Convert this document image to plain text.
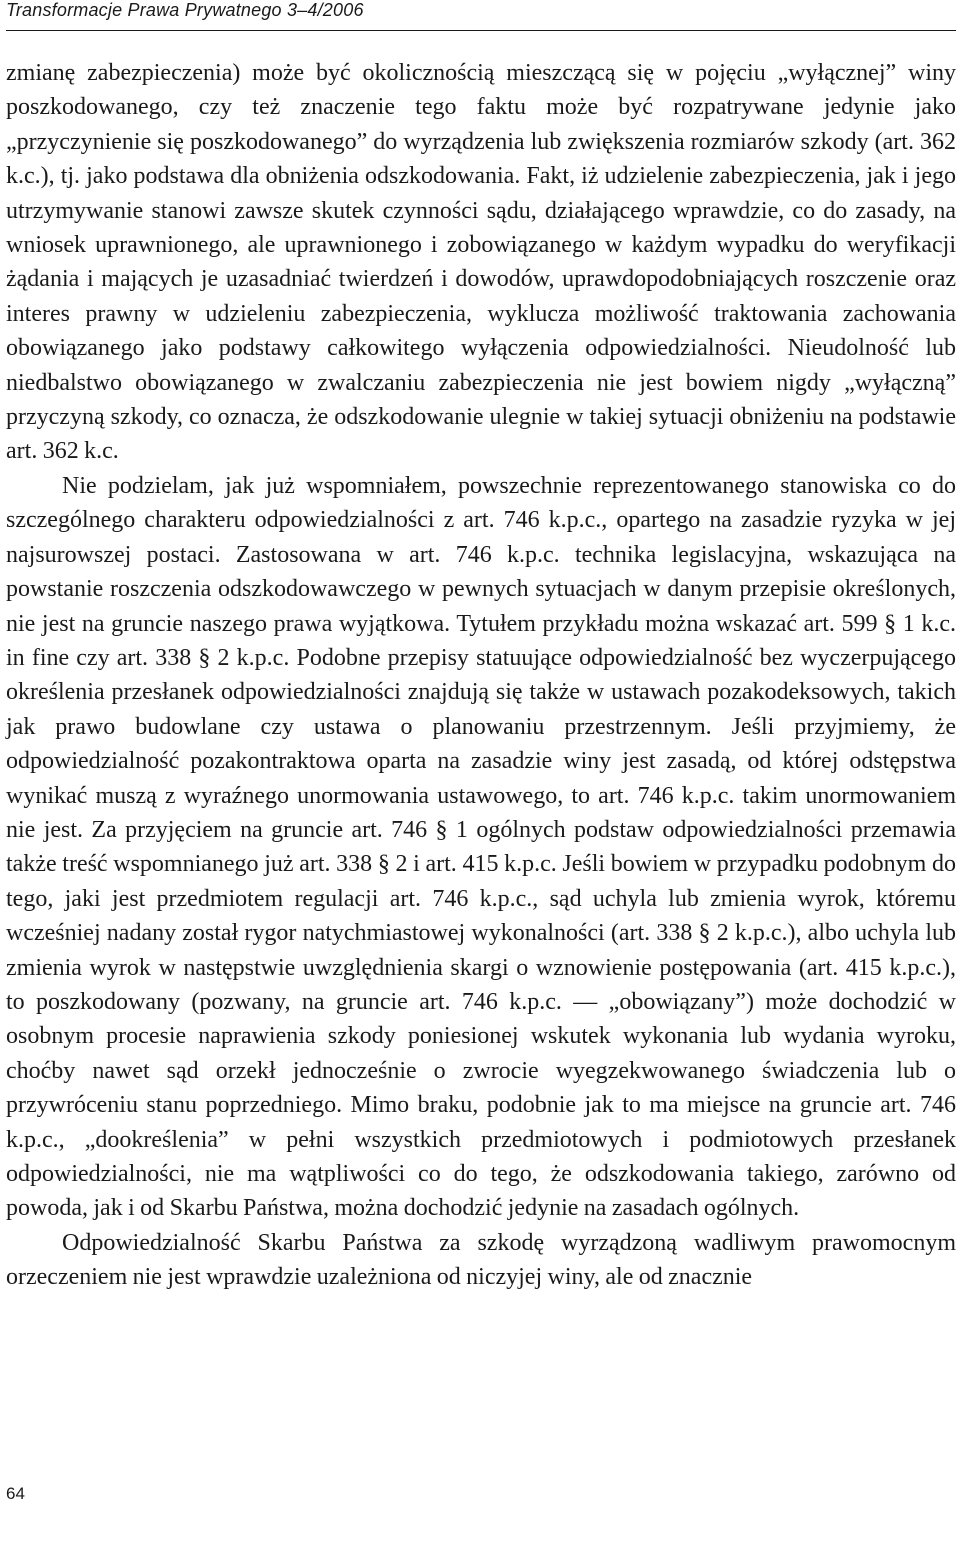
Transformacje Prawa Prywatnego 3–4/2006

zmianę zabezpieczenia) może być okolicznością mieszczącą się w pojęciu „wyłącznej” winy poszkodowanego, czy też znaczenie tego faktu może być rozpatrywane jedynie jako „przyczynienie się poszkodowanego” do wyrządzenia lub zwiększenia rozmiarów szkody (art. 362 k.c.), tj. jako podstawa dla obniżenia odszkodowania. Fakt, iż udzielenie zabezpieczenia, jak i jego utrzymywanie stanowi zawsze skutek czynności sądu, działającego wprawdzie, co do zasady, na wniosek uprawnionego, ale uprawnionego i zobowiązanego w każdym wypadku do weryfikacji żądania i mających je uzasadniać twierdzeń i dowodów, uprawdopodobniających roszczenie oraz interes prawny w udzieleniu zabezpieczenia, wyklucza możliwość traktowania zachowania obowiązanego jako podstawy całkowitego wyłączenia odpowiedzialności. Nieudolność lub niedbalstwo obowiązanego w zwalczaniu zabezpieczenia nie jest bowiem nigdy „wyłączną” przyczyną szkody, co oznacza, że odszkodowanie ulegnie w takiej sytuacji obniżeniu na podstawie art. 362 k.c.

Nie podzielam, jak już wspomniałem, powszechnie reprezentowanego stanowiska co do szczególnego charakteru odpowiedzialności z art. 746 k.p.c., opartego na zasadzie ryzyka w jej najsurowszej postaci. Zastosowana w art. 746 k.p.c. technika legislacyjna, wskazująca na powstanie roszczenia odszkodowawczego w pewnych sytuacjach w danym przepisie określonych, nie jest na gruncie naszego prawa wyjątkowa. Tytułem przykładu można wskazać art. 599 § 1 k.c. in fine czy art. 338 § 2 k.p.c. Podobne przepisy statuujące odpowiedzialność bez wyczerpującego określenia przesłanek odpowiedzialności znajdują się także w ustawach pozakodeksowych, takich jak prawo budowlane czy ustawa o planowaniu przestrzennym. Jeśli przyjmiemy, że odpowiedzialność pozakontraktowa oparta na zasadzie winy jest zasadą, od której odstępstwa wynikać muszą z wyraźnego unormowania ustawowego, to art. 746 k.p.c. takim unormowaniem nie jest. Za przyjęciem na gruncie art. 746 § 1 ogólnych podstaw odpowiedzialności przemawia także treść wspomnianego już art. 338 § 2 i art. 415 k.p.c. Jeśli bowiem w przypadku podobnym do tego, jaki jest przedmiotem regulacji art. 746 k.p.c., sąd uchyla lub zmienia wyrok, któremu wcześniej nadany został rygor natychmiastowej wykonalności (art. 338 § 2 k.p.c.), albo uchyla lub zmienia wyrok w następstwie uwzględnienia skargi o wznowienie postępowania (art. 415 k.p.c.), to poszkodowany (pozwany, na gruncie art. 746 k.p.c. — „obowiązany”) może dochodzić w osobnym procesie naprawienia szkody poniesionej wskutek wykonania lub wydania wyroku, choćby nawet sąd orzekł jednocześnie o zwrocie wyegzekwowanego świadczenia lub o przywróceniu stanu poprzedniego. Mimo braku, podobnie jak to ma miejsce na gruncie art. 746 k.p.c., „dookreślenia” w pełni wszystkich przedmiotowych i podmiotowych przesłanek odpowiedzialności, nie ma wątpliwości co do tego, że odszkodowania takiego, zarówno od powoda, jak i od Skarbu Państwa, można dochodzić jedynie na zasadach ogólnych.

Odpowiedzialność Skarbu Państwa za szkodę wyrządzoną wadliwym prawomocnym orzeczeniem nie jest wprawdzie uzależniona od niczyjej winy, ale od znacznie

64
